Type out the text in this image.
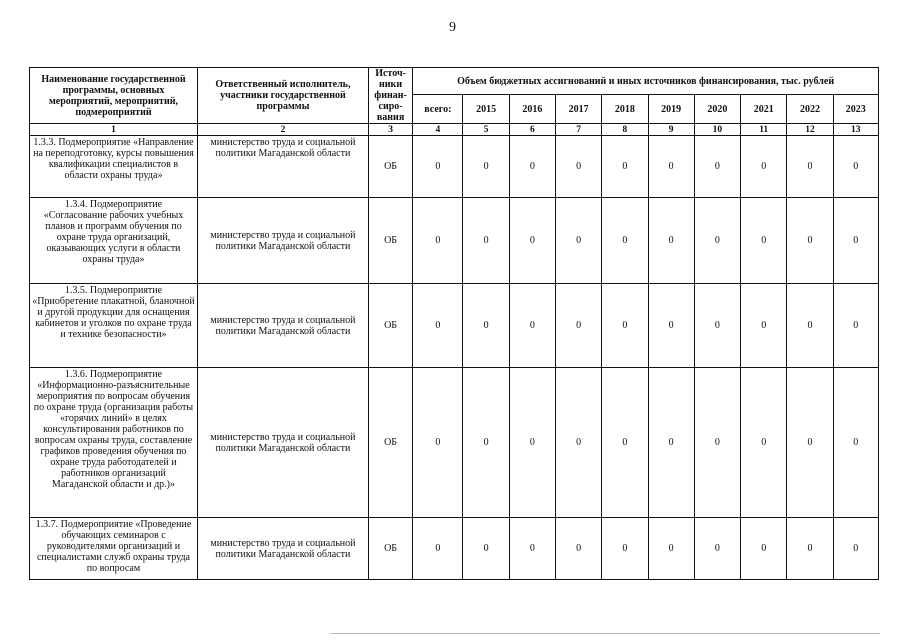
9
Наименование государственной программы, основных мероприятий, мероприятий, подмероприятий	Ответственный исполнитель, участники государственной программы	Источ-ники финан-сиро-вания	Объем бюджетных ассигнований и иных источников финансирования, тыс. рублей									
			всего:	2015	2016	2017	2018	2019	2020	2021	2022	2023
1	2	3	4	5	6	7	8	9	10	11	12	13
1.3.3. Подмероприятие «Направление на переподготовку, курсы повышения квалификации специалистов в области охраны труда»	министерство труда и социальной политики Магаданской области	ОБ	0	0	0	0	0	0	0	0	0	0
1.3.4. Подмероприятие «Согласование рабочих учебных планов и программ обучения по охране труда организаций, оказывающих услуги в области охраны труда»	министерство труда и социальной политики Магаданской области	ОБ	0	0	0	0	0	0	0	0	0	0
1.3.5. Подмероприятие «Приобретение плакатной, бланочной и другой продукции для оснащения кабинетов и уголков по охране труда и технике безопасности»	министерство труда и социальной политики Магаданской области	ОБ	0	0	0	0	0	0	0	0	0	0
1.3.6. Подмероприятие «Информационно-разъяснительные мероприятия по вопросам обучения по охране труда (организация работы «горячих линий» в целях консультирования работников по вопросам охраны труда, составление графиков проведения обучения по охране труда работодателей и работников организаций Магаданской области и др.)»	министерство труда и социальной политики Магаданской области	ОБ	0	0	0	0	0	0	0	0	0	0
1.3.7. Подмероприятие «Проведение обучающих семинаров с руководителями организаций и специалистами служб охраны труда по вопросам	министерство труда и социальной политики Магаданской области	ОБ	0	0	0	0	0	0	0	0	0	0
